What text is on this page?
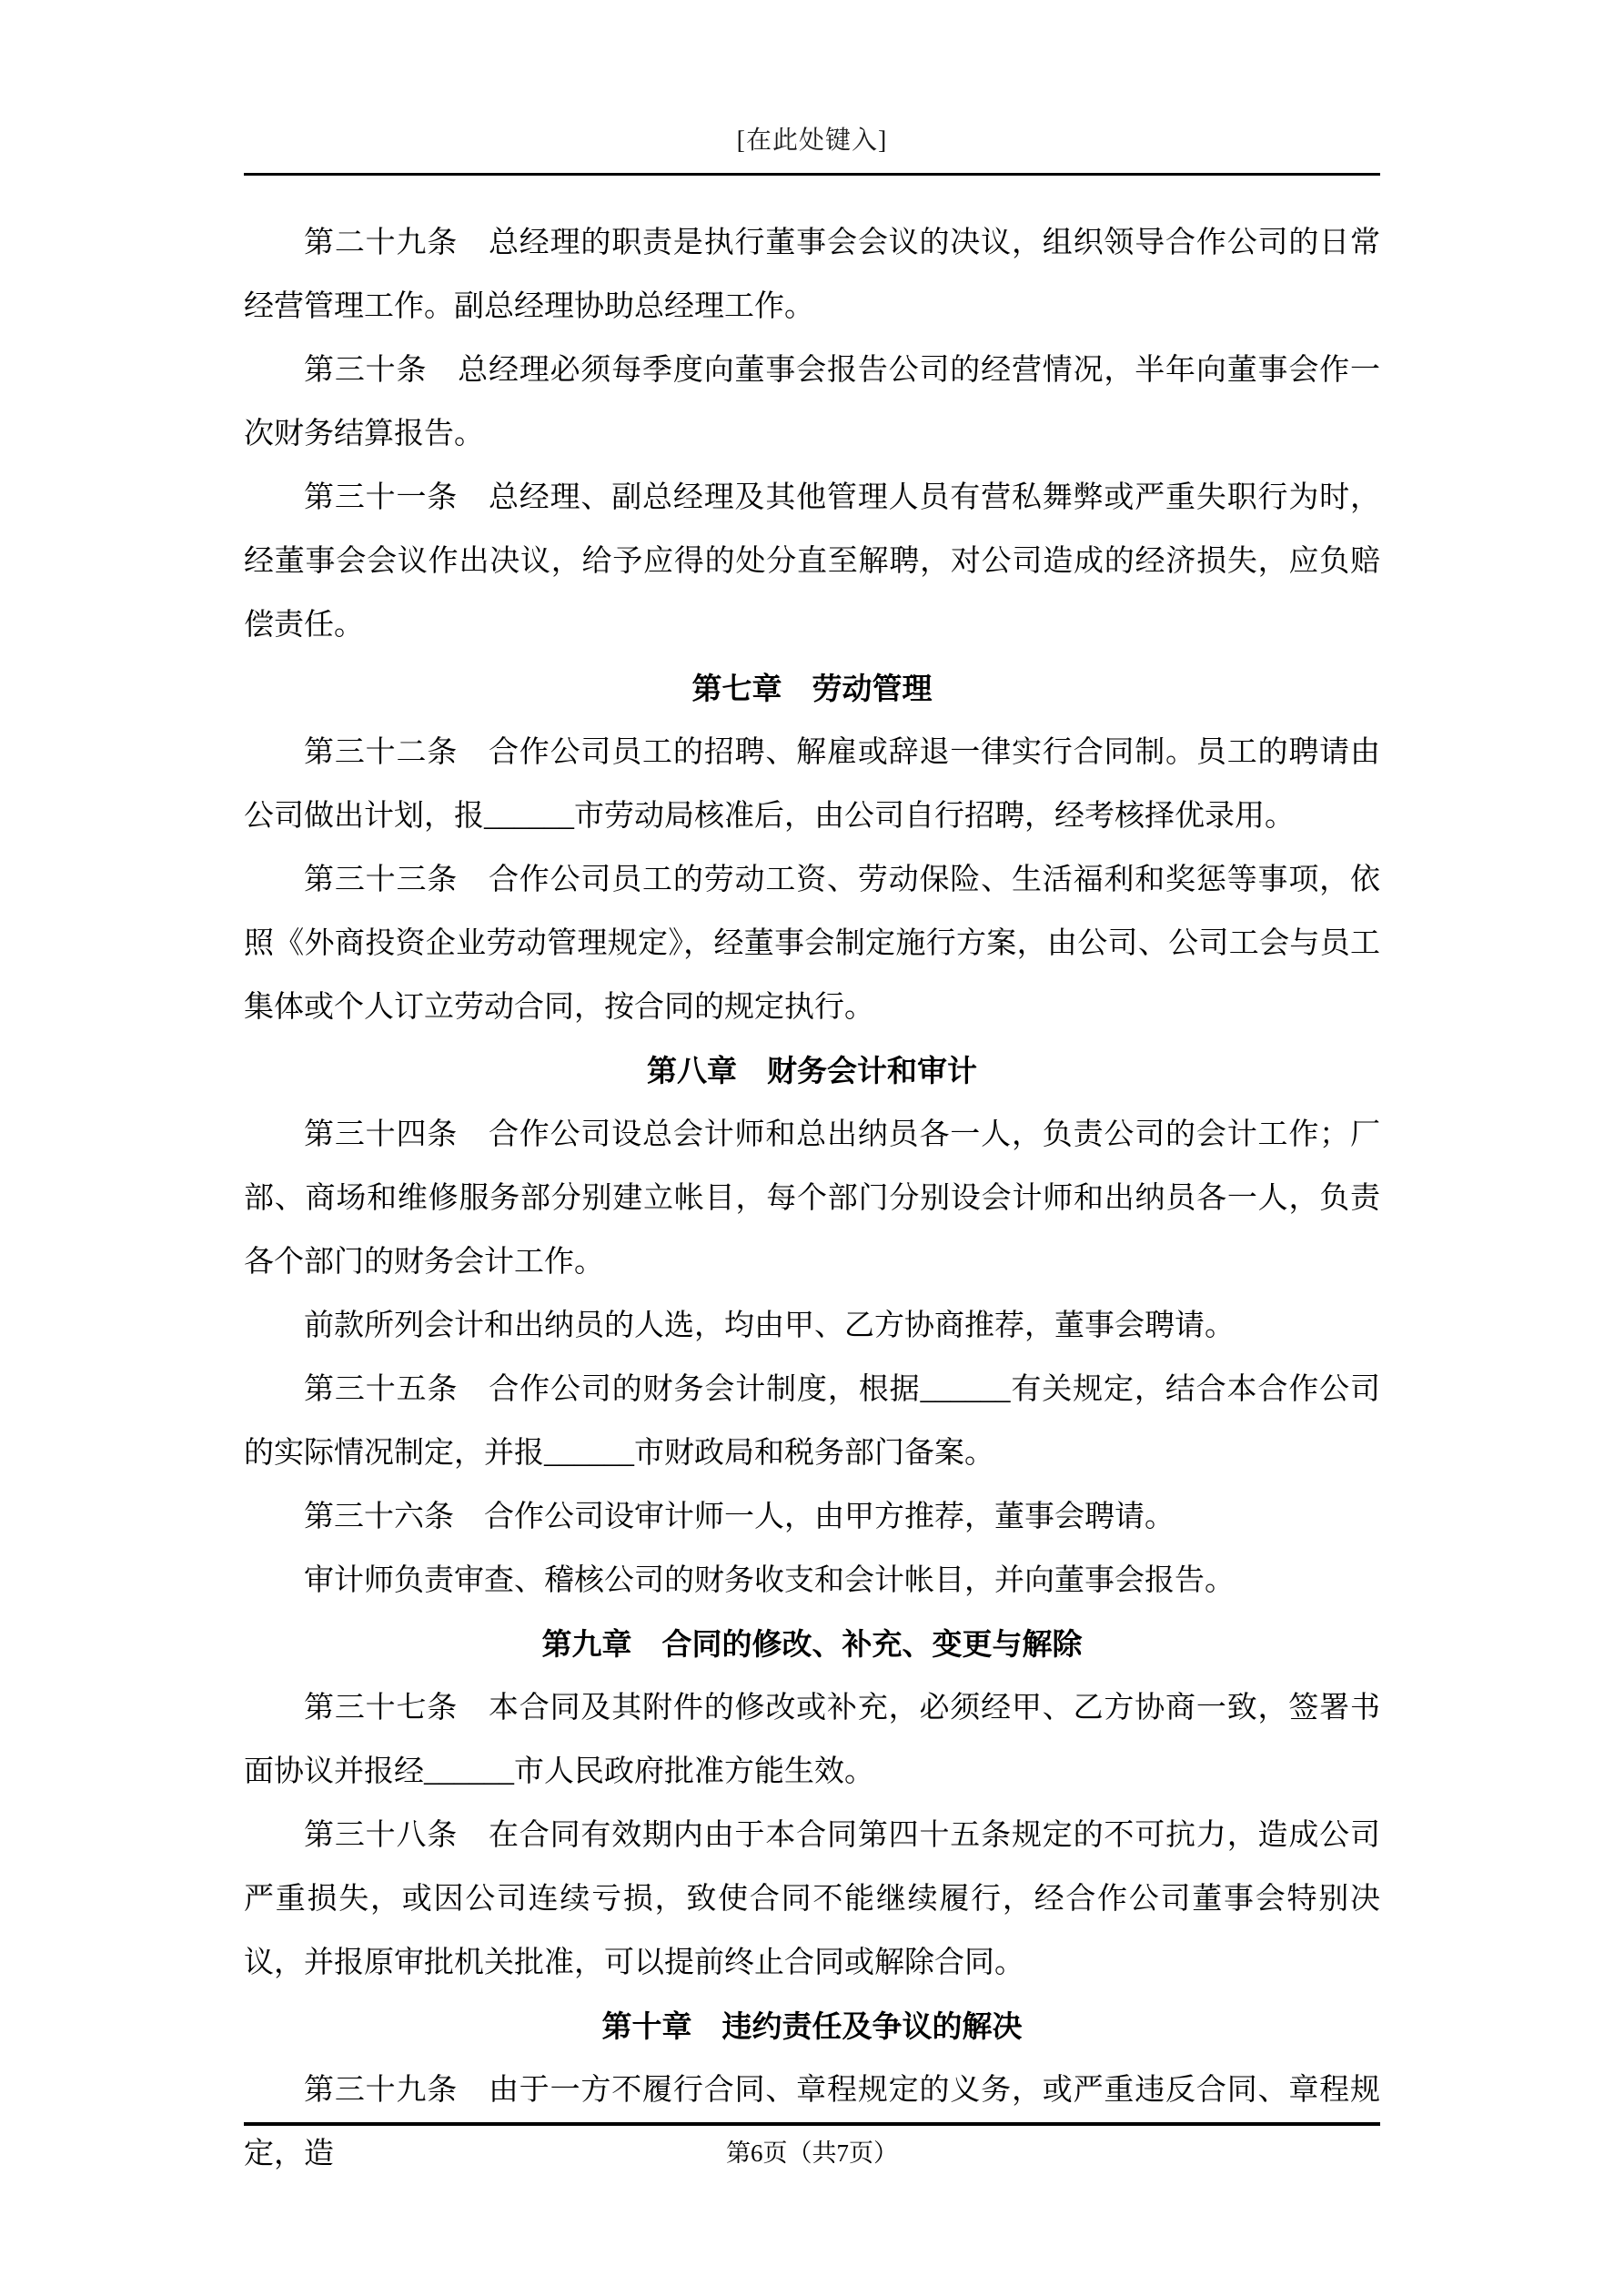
[在此处键入]

第二十九条　总经理的职责是执行董事会会议的决议，组织领导合作公司的日常经营管理工作。副总经理协助总经理工作。

第三十条　总经理必须每季度向董事会报告公司的经营情况，半年向董事会作一次财务结算报告。

第三十一条　总经理、副总经理及其他管理人员有营私舞弊或严重失职行为时，经董事会会议作出决议，给予应得的处分直至解聘，对公司造成的经济损失，应负赔偿责任。

第七章　劳动管理

第三十二条　合作公司员工的招聘、解雇或辞退一律实行合同制。员工的聘请由公司做出计划，报______市劳动局核准后，由公司自行招聘，经考核择优录用。

第三十三条　合作公司员工的劳动工资、劳动保险、生活福利和奖惩等事项，依照《外商投资企业劳动管理规定》，经董事会制定施行方案，由公司、公司工会与员工集体或个人订立劳动合同，按合同的规定执行。

第八章　财务会计和审计

第三十四条　合作公司设总会计师和总出纳员各一人，负责公司的会计工作；厂部、商场和维修服务部分别建立帐目，每个部门分别设会计师和出纳员各一人，负责各个部门的财务会计工作。

前款所列会计和出纳员的人选，均由甲、乙方协商推荐，董事会聘请。

第三十五条　合作公司的财务会计制度，根据______有关规定，结合本合作公司的实际情况制定，并报______市财政局和税务部门备案。

第三十六条　合作公司设审计师一人，由甲方推荐，董事会聘请。

审计师负责审查、稽核公司的财务收支和会计帐目，并向董事会报告。

第九章　合同的修改、补充、变更与解除

第三十七条　本合同及其附件的修改或补充，必须经甲、乙方协商一致，签署书面协议并报经______市人民政府批准方能生效。

第三十八条　在合同有效期内由于本合同第四十五条规定的不可抗力，造成公司严重损失，或因公司连续亏损，致使合同不能继续履行，经合作公司董事会特别决议，并报原审批机关批准，可以提前终止合同或解除合同。

第十章　违约责任及争议的解决

第三十九条　由于一方不履行合同、章程规定的义务，或严重违反合同、章程规定，造	第6页（共7页）
